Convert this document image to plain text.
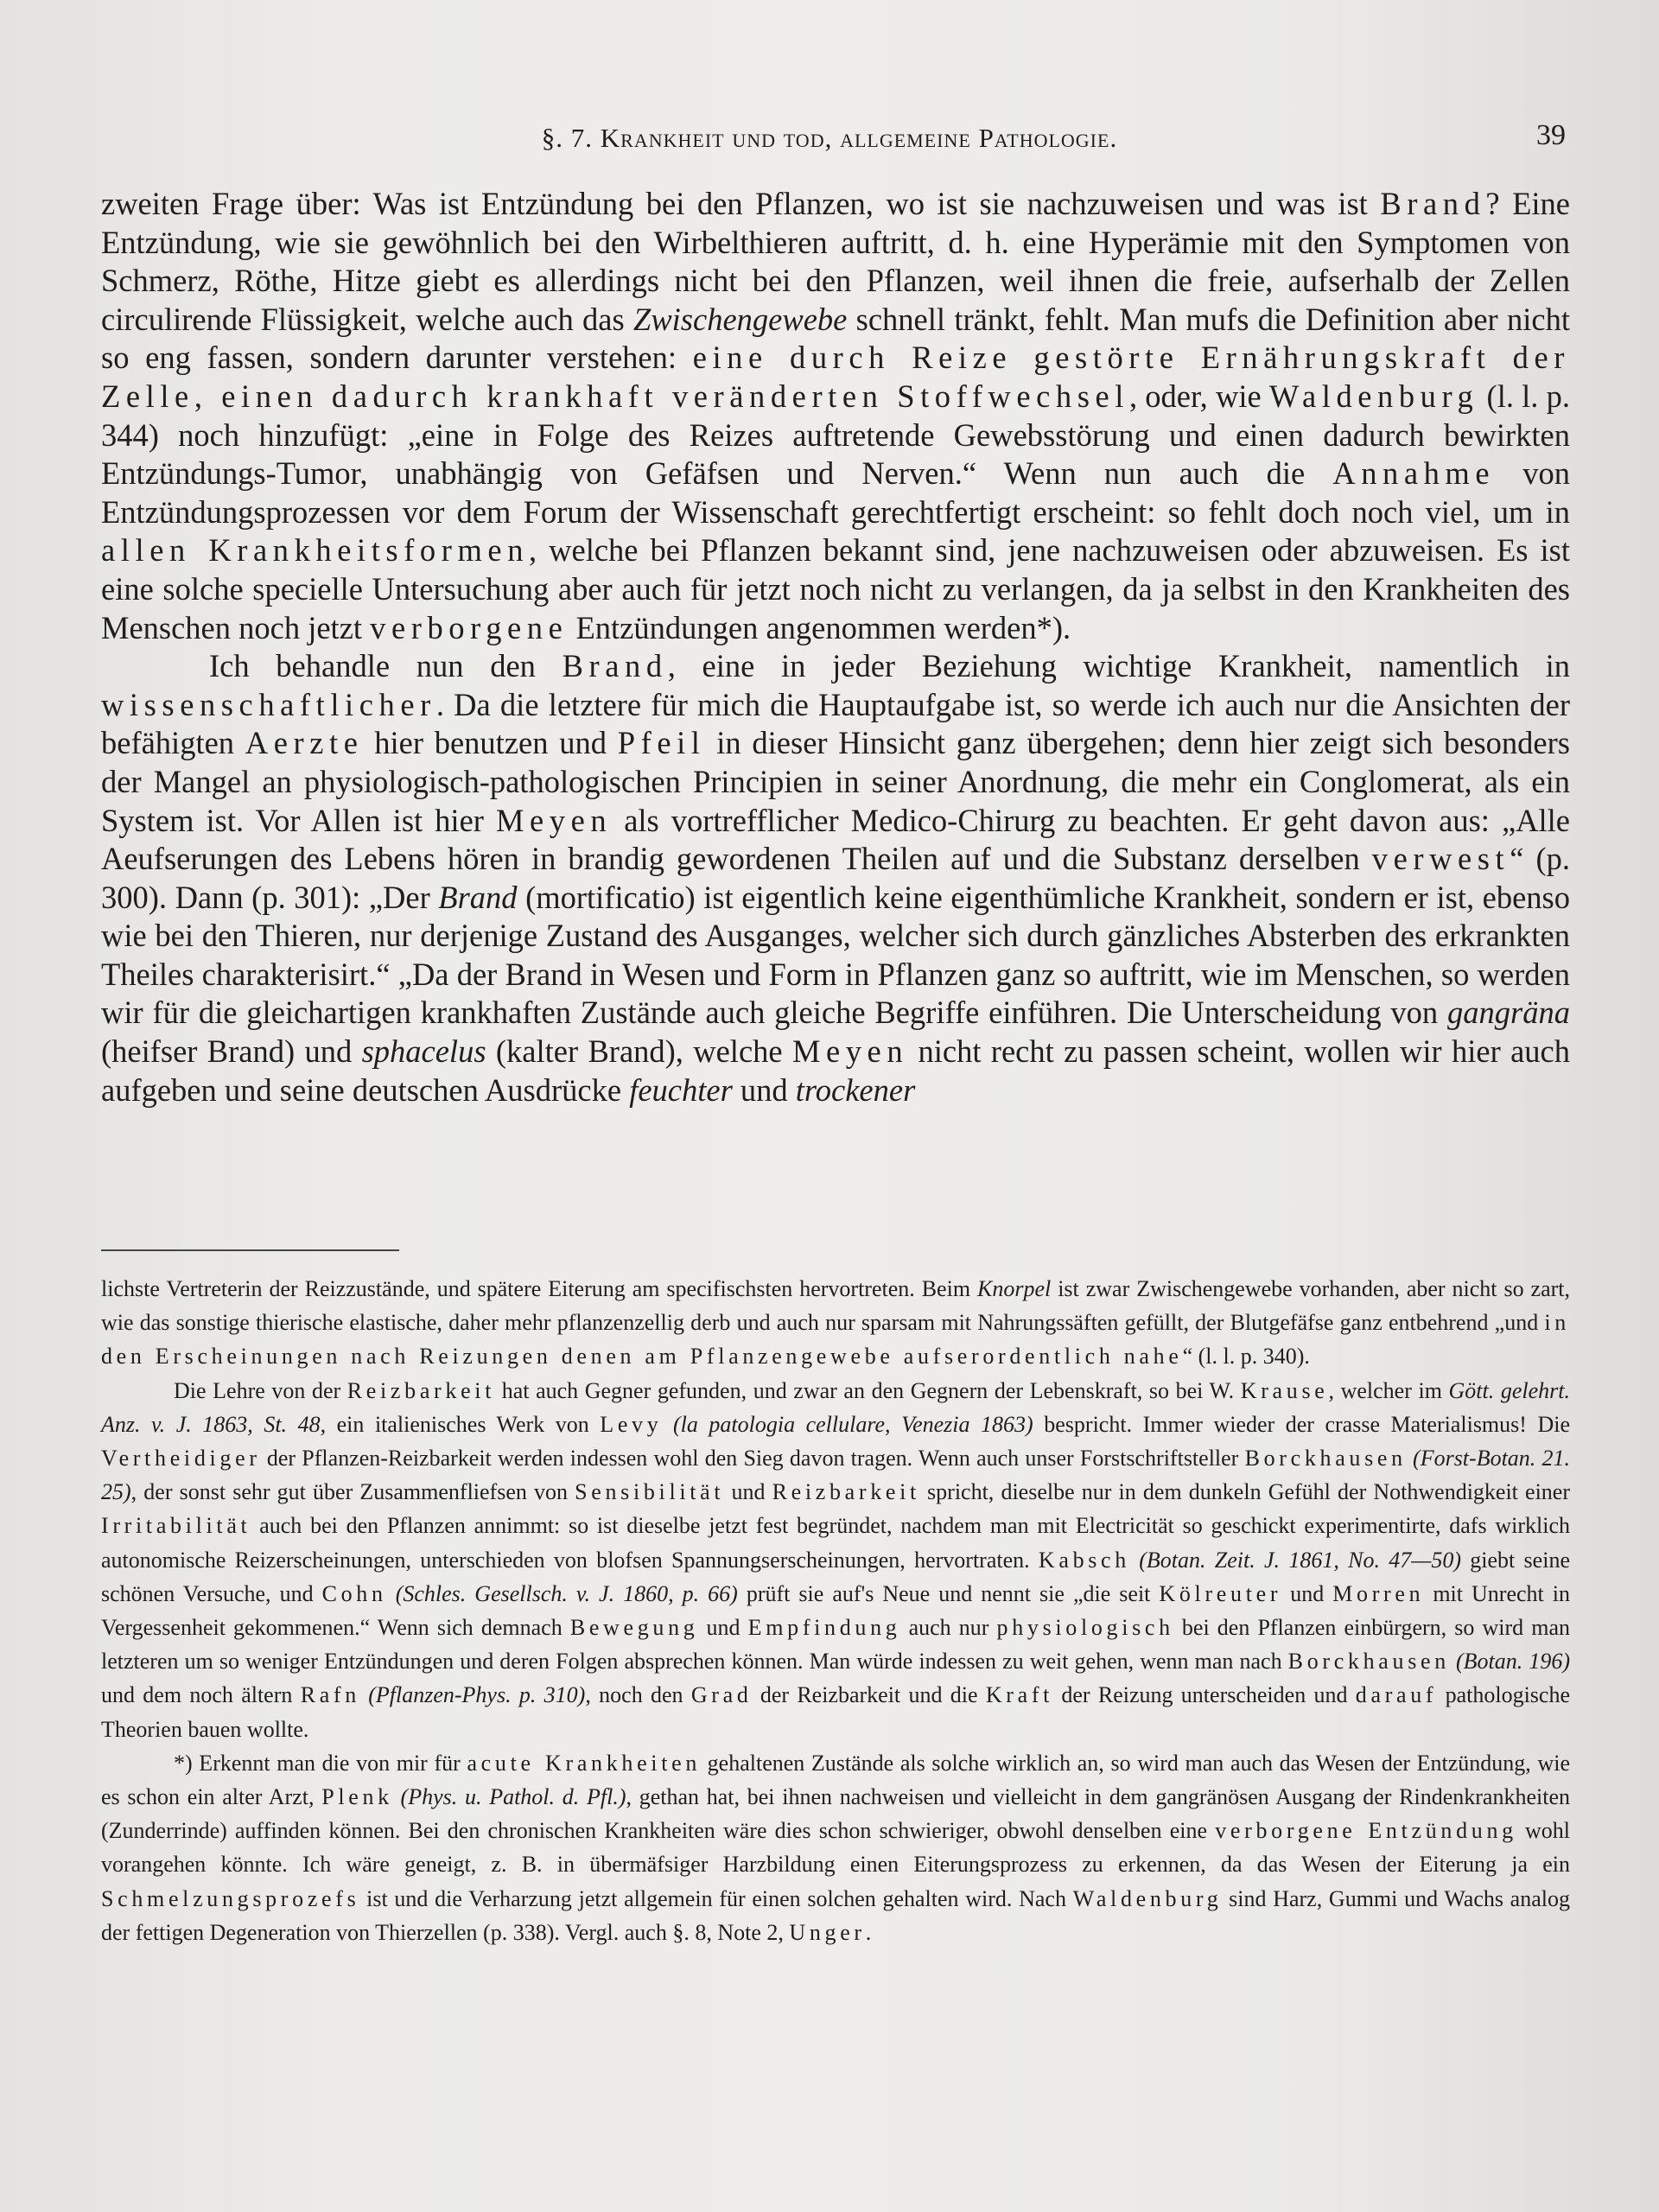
§. 7. Krankheit und tod, allgemeine Pathologie.	39

zweiten Frage über: Was ist Entzündung bei den Pflanzen, wo ist sie nachzuweisen und was ist Brand? Eine Entzündung, wie sie gewöhnlich bei den Wirbelthieren auftritt, d. h. eine Hyperämie mit den Symptomen von Schmerz, Röthe, Hitze giebt es allerdings nicht bei den Pflanzen, weil ihnen die freie, aufserhalb der Zellen circulirende Flüssigkeit, welche auch das Zwischengewebe schnell tränkt, fehlt. Man mufs die Definition aber nicht so eng fassen, sondern darunter verstehen: eine durch Reize gestörte Ernährungskraft der Zelle, einen dadurch krankhaft veränderten Stoffwechsel, oder, wie Waldenburg (l. l. p. 344) noch hinzufügt: „eine in Folge des Reizes auftretende Gewebsstörung und einen dadurch bewirkten Entzündungs-Tumor, unabhängig von Gefäfsen und Nerven.“ Wenn nun auch die Annahme von Entzündungsprozessen vor dem Forum der Wissenschaft gerechtfertigt erscheint: so fehlt doch noch viel, um in allen Krankheitsformen, welche bei Pflanzen bekannt sind, jene nachzuweisen oder abzuweisen. Es ist eine solche specielle Untersuchung aber auch für jetzt noch nicht zu verlangen, da ja selbst in den Krankheiten des Menschen noch jetzt verborgene Entzündungen angenommen werden*).

Ich behandle nun den Brand, eine in jeder Beziehung wichtige Krankheit, namentlich in wissenschaftlicher. Da die letztere für mich die Hauptaufgabe ist, so werde ich auch nur die Ansichten der befähigten Aerzte hier benutzen und Pfeil in dieser Hinsicht ganz übergehen; denn hier zeigt sich besonders der Mangel an physiologisch-pathologischen Principien in seiner Anordnung, die mehr ein Conglomerat, als ein System ist. Vor Allen ist hier Meyen als vortrefflicher Medico-Chirurg zu beachten. Er geht davon aus: „Alle Aeufserungen des Lebens hören in brandig gewordenen Theilen auf und die Substanz derselben verwest“ (p. 300). Dann (p. 301): „Der Brand (mortificatio) ist eigentlich keine eigenthümliche Krankheit, sondern er ist, ebenso wie bei den Thieren, nur derjenige Zustand des Ausganges, welcher sich durch gänzliches Absterben des erkrankten Theiles charakterisirt.“ „Da der Brand in Wesen und Form in Pflanzen ganz so auftritt, wie im Menschen, so werden wir für die gleichartigen krankhaften Zustände auch gleiche Begriffe einführen. Die Unterscheidung von gangräna (heifser Brand) und sphacelus (kalter Brand), welche Meyen nicht recht zu passen scheint, wollen wir hier auch aufgeben und seine deutschen Ausdrücke feuchter und trockener

lichste Vertreterin der Reizzustände, und spätere Eiterung am specifischsten hervortreten. Beim Knorpel ist zwar Zwischengewebe vorhanden, aber nicht so zart, wie das sonstige thierische elastische, daher mehr pflanzenzellig derb und auch nur sparsam mit Nahrungssäften gefüllt, der Blutgefäfse ganz entbehrend „und in den Erscheinungen nach Reizungen denen am Pflanzengewebe aufserordentlich nahe“ (l. l. p. 340).

Die Lehre von der Reizbarkeit hat auch Gegner gefunden, und zwar an den Gegnern der Lebenskraft, so bei W. Krause, welcher im Gött. gelehrt. Anz. v. J. 1863, St. 48, ein italienisches Werk von Levy (la patologia cellulare, Venezia 1863) bespricht. Immer wieder der crasse Materialismus! Die Vertheidiger der Pflanzen-Reizbarkeit werden indessen wohl den Sieg davon tragen. Wenn auch unser Forstschriftsteller Borckhausen (Forst-Botan. 21. 25), der sonst sehr gut über Zusammenfliefsen von Sensibilität und Reizbarkeit spricht, dieselbe nur in dem dunkeln Gefühl der Nothwendigkeit einer Irritabilität auch bei den Pflanzen annimmt: so ist dieselbe jetzt fest begründet, nachdem man mit Electricität so geschickt experimentirte, dafs wirklich autonomische Reizerscheinungen, unterschieden von blofsen Spannungserscheinungen, hervortraten. Kabsch (Botan. Zeit. J. 1861, No. 47—50) giebt seine schönen Versuche, und Cohn (Schles. Gesellsch. v. J. 1860, p. 66) prüft sie auf's Neue und nennt sie „die seit Kölreuter und Morren mit Unrecht in Vergessenheit gekommenen.“ Wenn sich demnach Bewegung und Empfindung auch nur physiologisch bei den Pflanzen einbürgern, so wird man letzteren um so weniger Entzündungen und deren Folgen absprechen können. Man würde indessen zu weit gehen, wenn man nach Borckhausen (Botan. 196) und dem noch ältern Rafn (Pflanzen-Phys. p. 310), noch den Grad der Reizbarkeit und die Kraft der Reizung unterscheiden und darauf pathologische Theorien bauen wollte.

*) Erkennt man die von mir für acute Krankheiten gehaltenen Zustände als solche wirklich an, so wird man auch das Wesen der Entzündung, wie es schon ein alter Arzt, Plenk (Phys. u. Pathol. d. Pfl.), gethan hat, bei ihnen nachweisen und vielleicht in dem gangränösen Ausgang der Rindenkrankheiten (Zunderrinde) auffinden können. Bei den chronischen Krankheiten wäre dies schon schwieriger, obwohl denselben eine verborgene Entzündung wohl vorangehen könnte. Ich wäre geneigt, z. B. in übermäfsiger Harzbildung einen Eiterungsprozess zu erkennen, da das Wesen der Eiterung ja ein Schmelzungsprozefs ist und die Verharzung jetzt allgemein für einen solchen gehalten wird. Nach Waldenburg sind Harz, Gummi und Wachs analog der fettigen Degeneration von Thierzellen (p. 338). Vergl. auch §. 8, Note 2, Unger.
